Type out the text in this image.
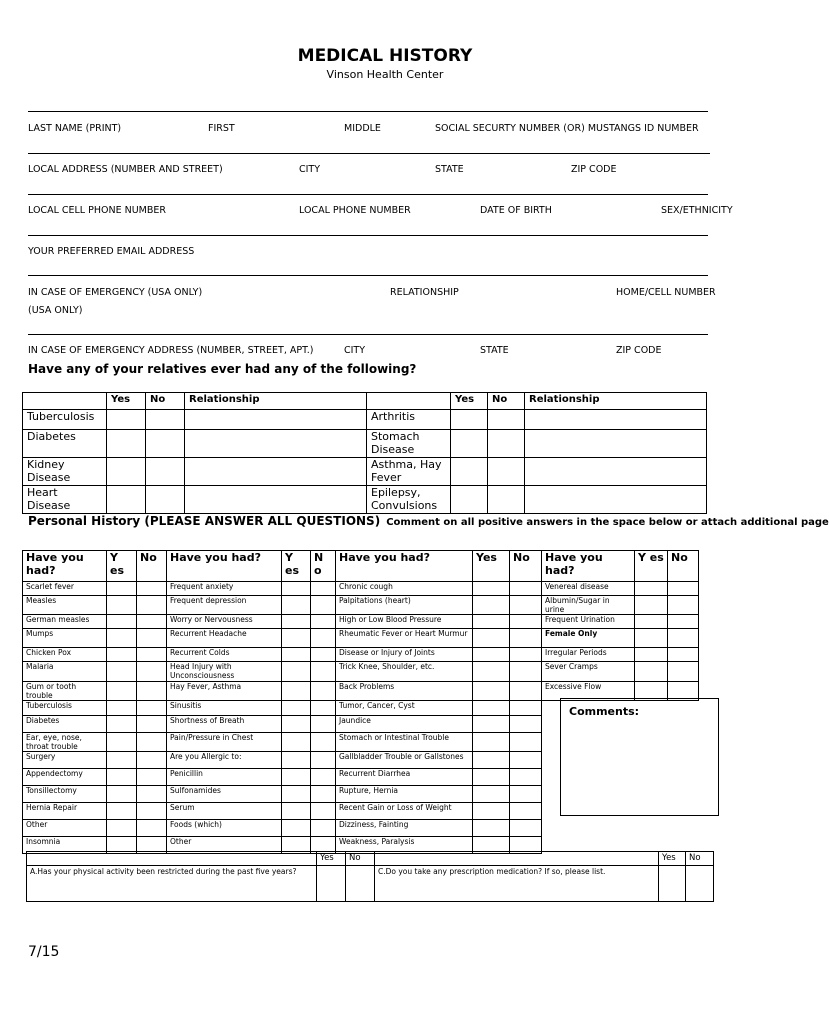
MEDICAL HISTORY
Vinson Health Center
LAST NAME (PRINT)	FIRST	MIDDLE	SOCIAL SECURTY NUMBER (OR) MUSTANGS ID NUMBER
LOCAL ADDRESS (NUMBER AND STREET)	CITY	STATE	ZIP CODE
LOCAL CELL PHONE NUMBER	LOCAL PHONE NUMBER	DATE OF BIRTH	SEX/ETHNICITY
YOUR PREFERRED EMAIL ADDRESS
IN CASE OF EMERGENCY (USA ONLY)	RELATIONSHIP	HOME/CELL NUMBER
(USA ONLY)
IN CASE OF EMERGENCY ADDRESS (NUMBER, STREET, APT.)	CITY	STATE	ZIP CODE
Have any of your relatives ever had any of the following?
	Yes	No	Relationship		Yes	No	Relationship
Tuberculosis				Arthritis			
Diabetes				Stomach Disease			
Kidney Disease				Asthma, Hay Fever			
Heart Disease				Epilepsy, Convulsions			
Personal History (PLEASE ANSWER ALL QUESTIONS) Comment on all positive answers in the space below or attach additional page
Have you had?	Y es	No	Have you had?	Y es	N o	Have you had?	Yes	No	Have you had?	Y es	No
Scarlet fever			Frequent anxiety			Chronic cough			Venereal disease		
Measles			Frequent depression			Palpitations (heart)			Albumin/Sugar in urine		
German measles			Worry or Nervousness			High or Low Blood Pressure			Frequent Urination		
Mumps			Recurrent Headache			Rheumatic Fever or Heart Murmur			Female Only		
Chicken Pox			Recurrent Colds			Disease or Injury of Joints			Irregular Periods		
Malaria			Head Injury with Unconsciousness			Trick Knee, Shoulder, etc.			Sever Cramps		
Gum or tooth trouble			Hay Fever, Asthma			Back Problems			Excessive Flow		
Tuberculosis			Sinusitis			Tumor, Cancer, Cyst					
Diabetes			Shortness of Breath			Jaundice					
Ear, eye, nose, throat trouble			Pain/Pressure in Chest			Stomach or Intestinal Trouble					
Surgery			Are you Allergic to:			Gallbladder Trouble or Gallstones					
Appendectomy			Penicillin			Recurrent Diarrhea					
Tonsillectomy			Sulfonamides			Rupture, Hernia					
Hernia Repair			Serum			Recent Gain or Loss of Weight					
Other			Foods (which)			Dizziness, Fainting					
Insomnia			Other			Weakness, Paralysis					
Comments:
	Yes	No		Yes	No
A.Has your physical activity been restricted during the past five years?			C.Do you take any prescription medication? If so, please list.		
7/15
